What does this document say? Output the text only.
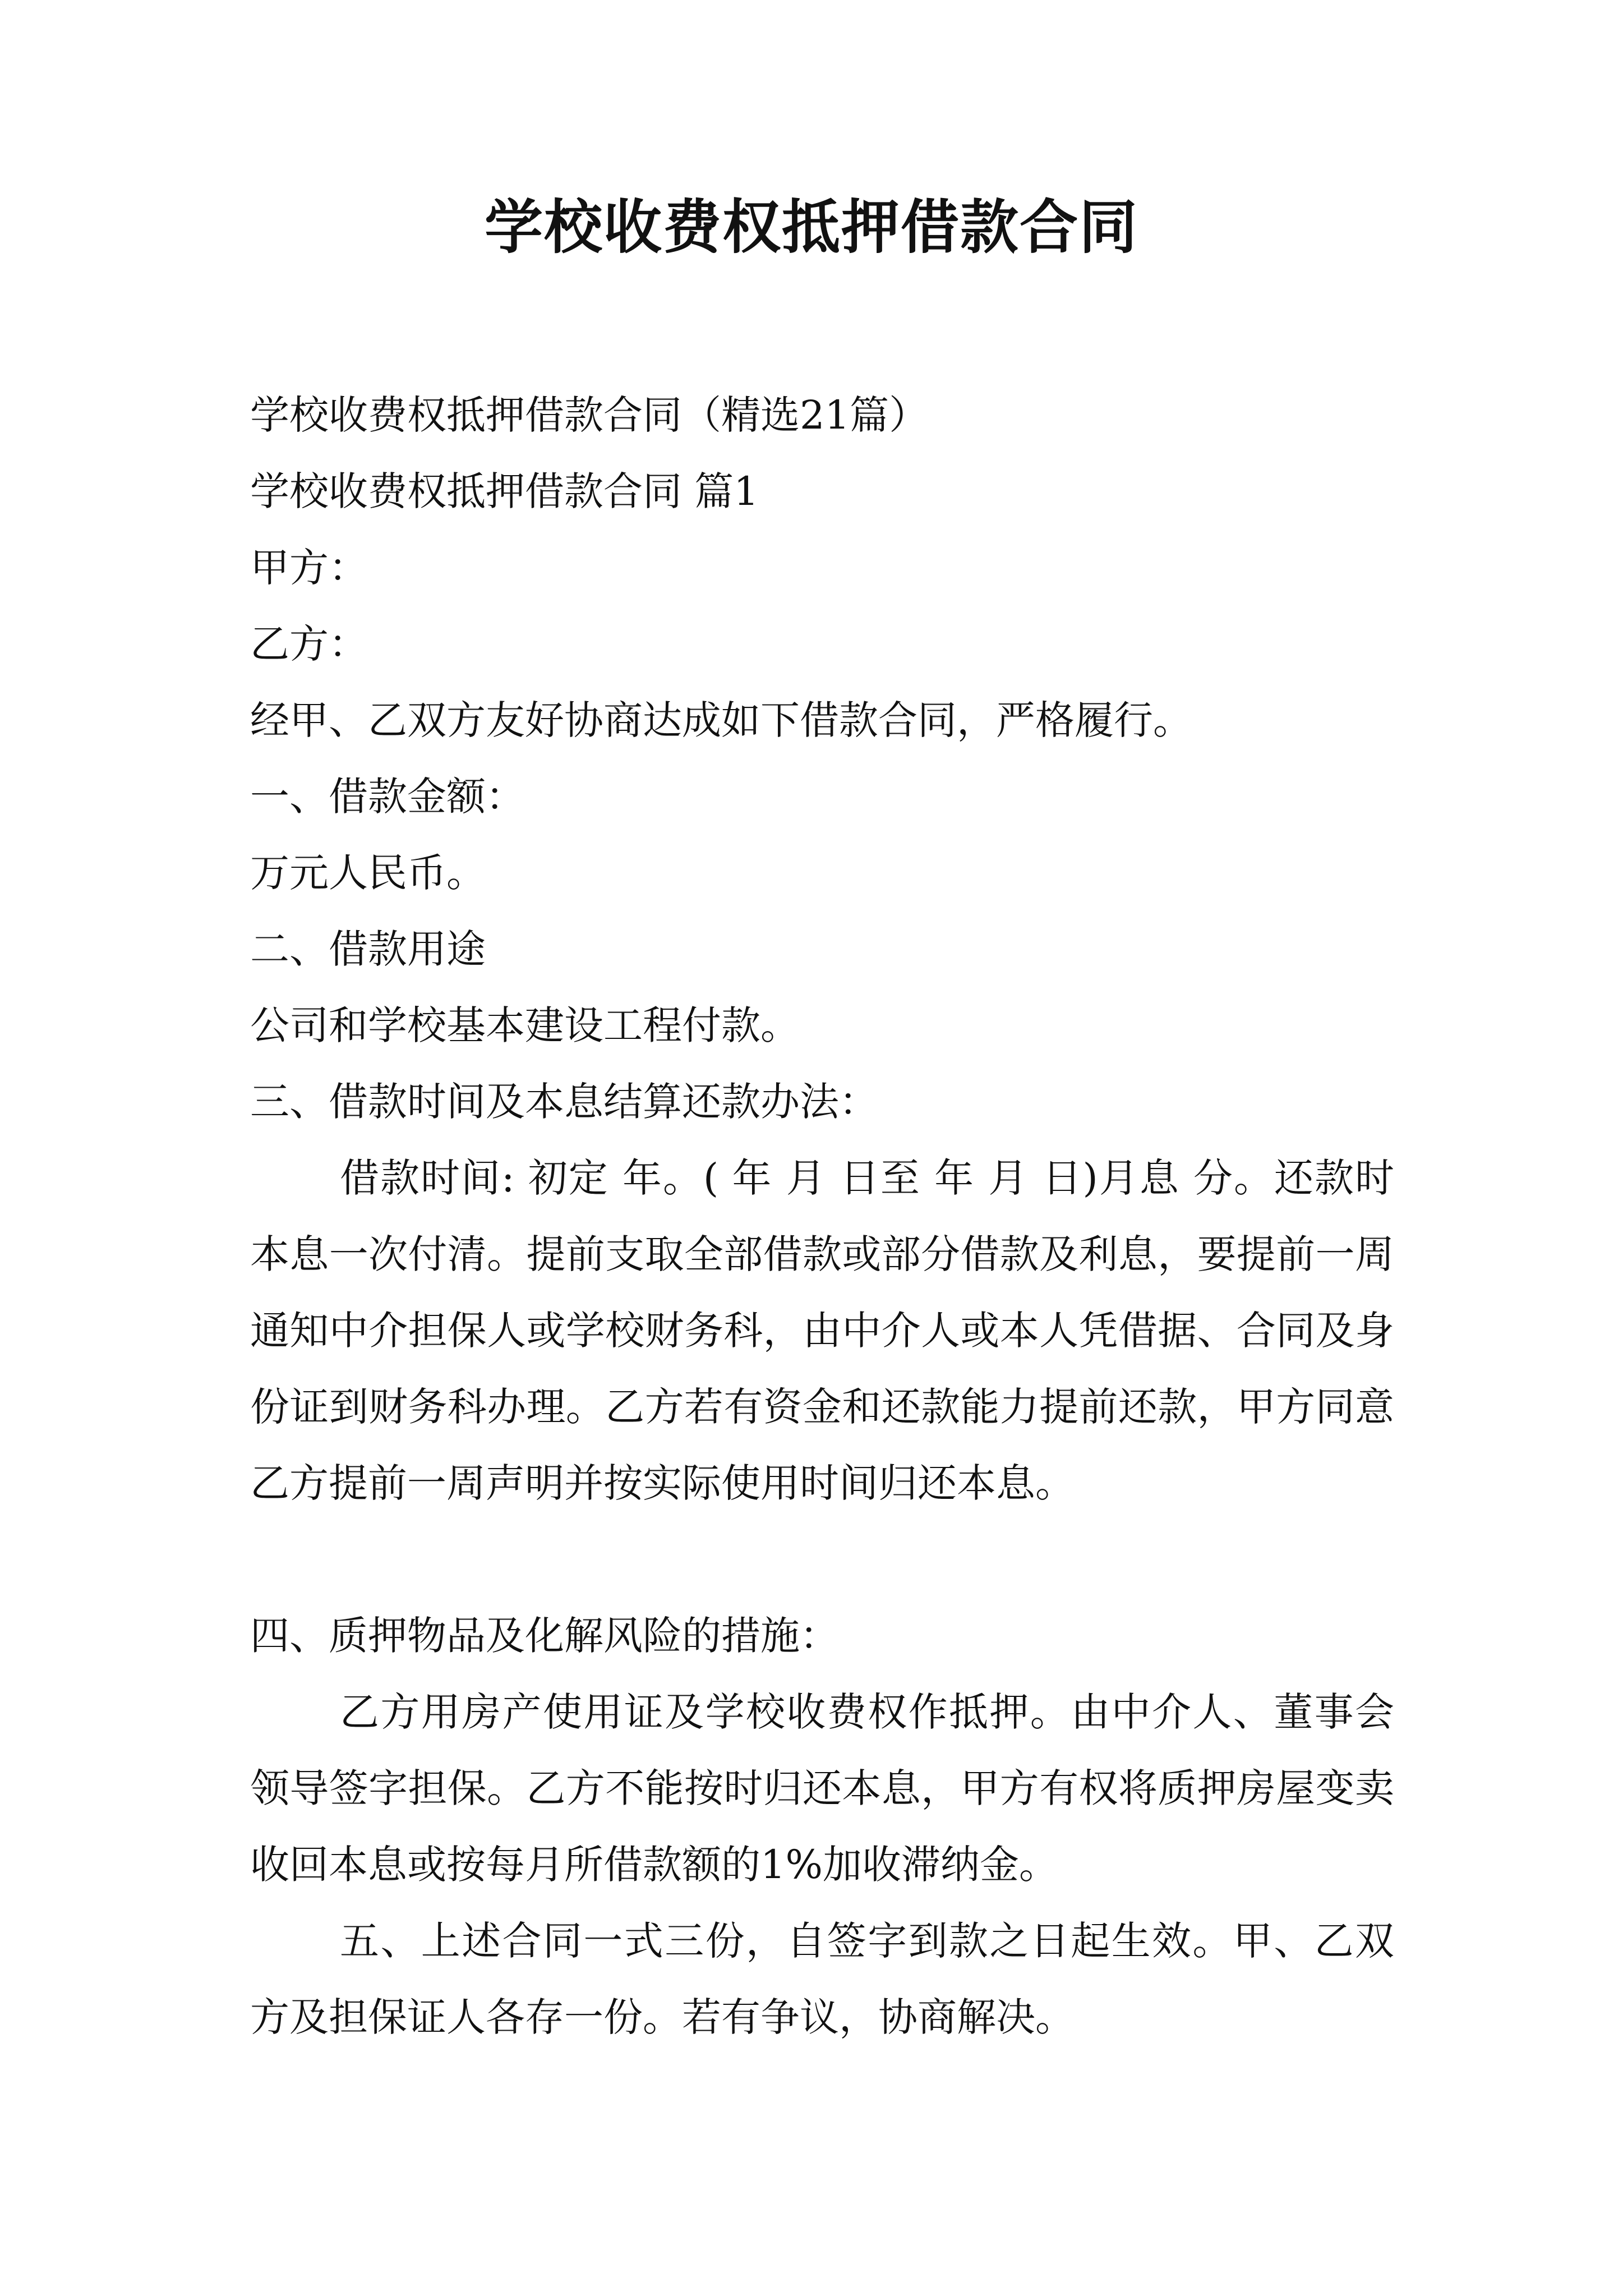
学校收费权抵押借款合同

学校收费权抵押借款合同（精选21篇）

学校收费权抵押借款合同 篇1

甲方：

乙方：

经甲、乙双方友好协商达成如下借款合同，严格履行。

一、借款金额：

万元人民币。

二、借款用途

公司和学校基本建设工程付款。

三、借款时间及本息结算还款办法：

借款时间: 初定 年。( 年 月 日至 年 月 日)月息 分。还款时本息一次付清。提前支取全部借款或部分借款及利息，要提前一周通知中介担保人或学校财务科，由中介人或本人凭借据、合同及身份证到财务科办理。乙方若有资金和还款能力提前还款，甲方同意乙方提前一周声明并按实际使用时间归还本息。

四、质押物品及化解风险的措施：

乙方用房产使用证及学校收费权作抵押。由中介人、董事会领导签字担保。乙方不能按时归还本息，甲方有权将质押房屋变卖收回本息或按每月所借款额的1%加收滞纳金。

五、上述合同一式三份，自签字到款之日起生效。甲、乙双方及担保证人各存一份。若有争议，协商解决。
